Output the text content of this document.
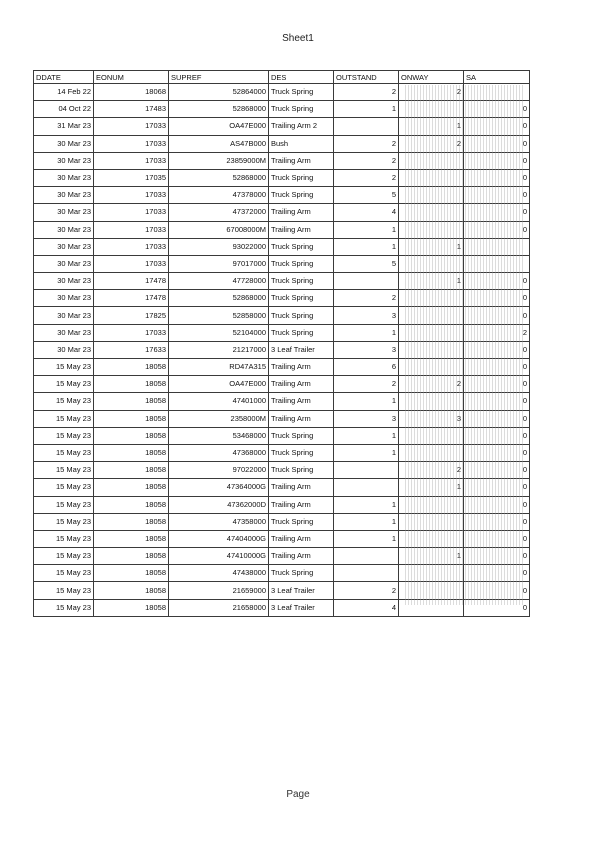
Sheet1
DDATE	EONUM	SUPREF	DES	OUTSTAND	ONWAY	SA
14 Feb 22	18068	52864000	Truck Spring	2	2	
04 Oct 22	17483	52868000	Truck Spring	1		0
31 Mar 23	17033	OA47E000	Trailing Arm 2		1	0
30 Mar 23	17033	AS47B000	Bush	2	2	0
30 Mar 23	17033	23859000M	Trailing Arm	2		0
30 Mar 23	17035	52868000	Truck Spring	2		0
30 Mar 23	17033	47378000	Truck Spring	5		0
30 Mar 23	17033	47372000	Trailing Arm	4		0
30 Mar 23	17033	67008000M	Trailing Arm	1		0
30 Mar 23	17033	93022000	Truck Spring	1	1	
30 Mar 23	17033	97017000	Truck Spring	5		
30 Mar 23	17478	47728000	Truck Spring		1	0
30 Mar 23	17478	52868000	Truck Spring	2		0
30 Mar 23	17825	52858000	Truck Spring	3		0
30 Mar 23	17033	52104000	Truck Spring	1		2
30 Mar 23	17633	21217000	3 Leaf Trailer	3		0
15 May 23	18058	RD47A315	Trailing Arm	6		0
15 May 23	18058	OA47E000	Trailing Arm	2	2	0
15 May 23	18058	47401000	Trailing Arm	1		0
15 May 23	18058	2358000M	Trailing Arm	3	3	0
15 May 23	18058	53468000	Truck Spring	1		0
15 May 23	18058	47368000	Truck Spring	1		0
15 May 23	18058	97022000	Truck Spring		2	0
15 May 23	18058	47364000G	Trailing Arm		1	0
15 May 23	18058	47362000D	Trailing Arm	1		0
15 May 23	18058	47358000	Truck Spring	1		0
15 May 23	18058	47404000G	Trailing Arm	1		0
15 May 23	18058	47410000G	Trailing Arm		1	0
15 May 23	18058	47438000	Truck Spring			0
15 May 23	18058	21659000	3 Leaf Trailer	2		0
15 May 23	18058	21658000	3 Leaf Trailer	4		0
Page
